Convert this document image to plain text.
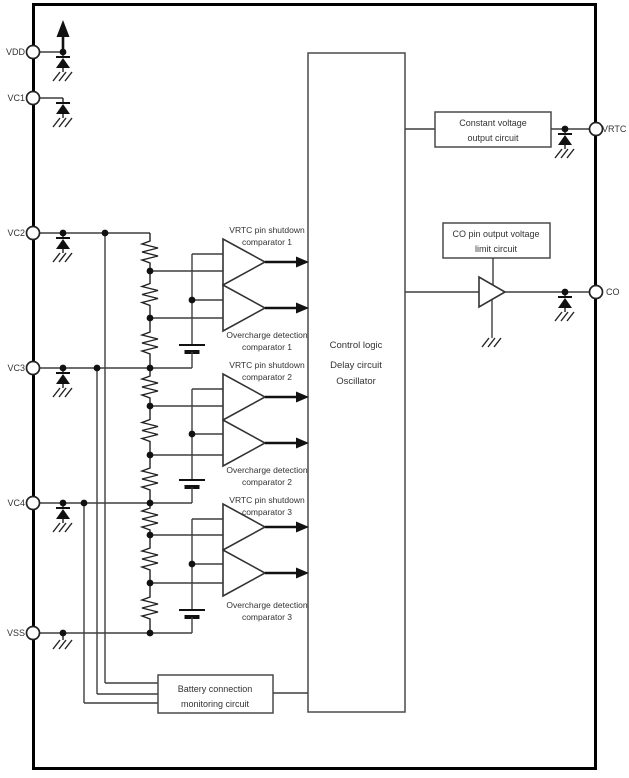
Control logic
Delay circuit
Oscillator
Constant voltage
output circuit
CO pin output voltage
limit circuit
Battery connection
monitoring circuit
VRTC pin shutdown
comparator 1
Overcharge detection
comparator 1
VRTC pin shutdown
comparator 2
Overcharge detection
comparator 2
VRTC pin shutdown
comparator 3
Overcharge detection
comparator 3
VDD
VC1
VC2
VC3
VC4
VSS
VRTC
CO
